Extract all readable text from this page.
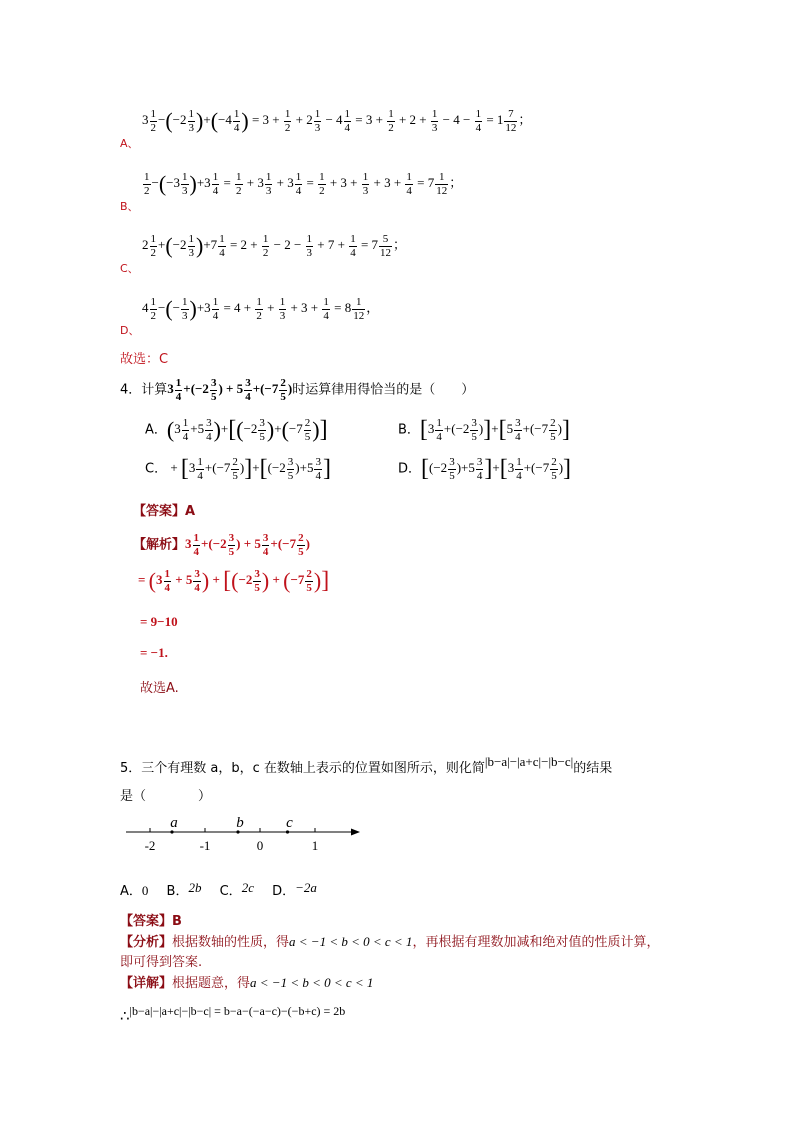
$3 \frac{1}{2} -(-2 \frac{1}{3} )+(-4 \frac{1}{4}$ ) = $3 + \frac{1}{2} + 2 \frac{1}{3} - 4 \frac{1}{4} = 3 + \frac{1}{2} + 2 + \frac{1}{3} - 4 - \frac{1}{4} = 1 \frac{7}{12}$ ；
A、
$\frac{1}{2} -(-3 \frac{1}{3} )+3 \frac{1}{4} = \frac{1}{2} + 3 \frac{1}{3} + 3 \frac{1}{4} = \frac{1}{2} + 3 + \frac{1}{3} + 3 + \frac{1}{4} = 7 \frac{1}{12}$ ；
B、
$2 \frac{1}{2} +(-2 \frac{1}{3} )+7 \frac{1}{4} = 2 + \frac{1}{2} - 2 - \frac{1}{3} + 7 + \frac{1}{4} = 7 \frac{5}{12}$ ；
C、
$4 \frac{1}{2}$ −(− $\frac{1}{3} )+3 \frac{1}{4} = 4 + \frac{1}{2} + \frac{1}{3} + 3 + \frac{1}{4} = 8 \frac{1}{12}$ ，
D、
故选：C
4．计算$3 \frac{1}{4} +(-2 \frac{3}{5}$ ) + $5 \frac{3}{4} +(-7 \frac{2}{5}$ )时运算律用得恰当的是（　　）
A．$(3 \frac{1}{4} +5 \frac{3}{4} )+[(-2 \frac{3}{5} )+(-7 \frac{2}{5}$ )]	B．$[3 \frac{1}{4} +(-2 \frac{3}{5} )]+[5 \frac{3}{4} +(-7 \frac{2}{5}$ )]
C． + $[3 \frac{1}{4} +(-7 \frac{2}{5} )]+[(-2 \frac{3}{5} )+5 \frac{3}{4}$ ]	D．$[(-2 \frac{3}{5} )+5 \frac{3}{4} ]+[3 \frac{1}{4} +(-7 \frac{2}{5}$ )]
【答案】A
【解析】$3 \frac{1}{4} +(-2 \frac{3}{5}$ ) + $5 \frac{3}{4} +(-7 \frac{2}{5}$ )
= ($3 \frac{1}{4} + 5 \frac{3}{4}$ ) + [($-2 \frac{3}{5}$ ) + ($-7 \frac{2}{5}$ )]
= 9−10
= −1.
故选A.
5．三个有理数 a，b，c 在数轴上表示的位置如图所示，则化简|b−a|−|a+c|−|b−c|的结果
是（　　　　）
-2	-1	0	1
a	b	c
A．0 B．2b C．2c D．−2a
【答案】B
【分析】根据数轴的性质，得a < −1 < b < 0 < c < 1，再根据有理数加减和绝对值的性质计算，
即可得到答案.
【详解】根据题意，得a < −1 < b < 0 < c < 1
∴|b−a|−|a+c|−|b−c| = b−a−(−a−c)−(−b+c) = 2b
